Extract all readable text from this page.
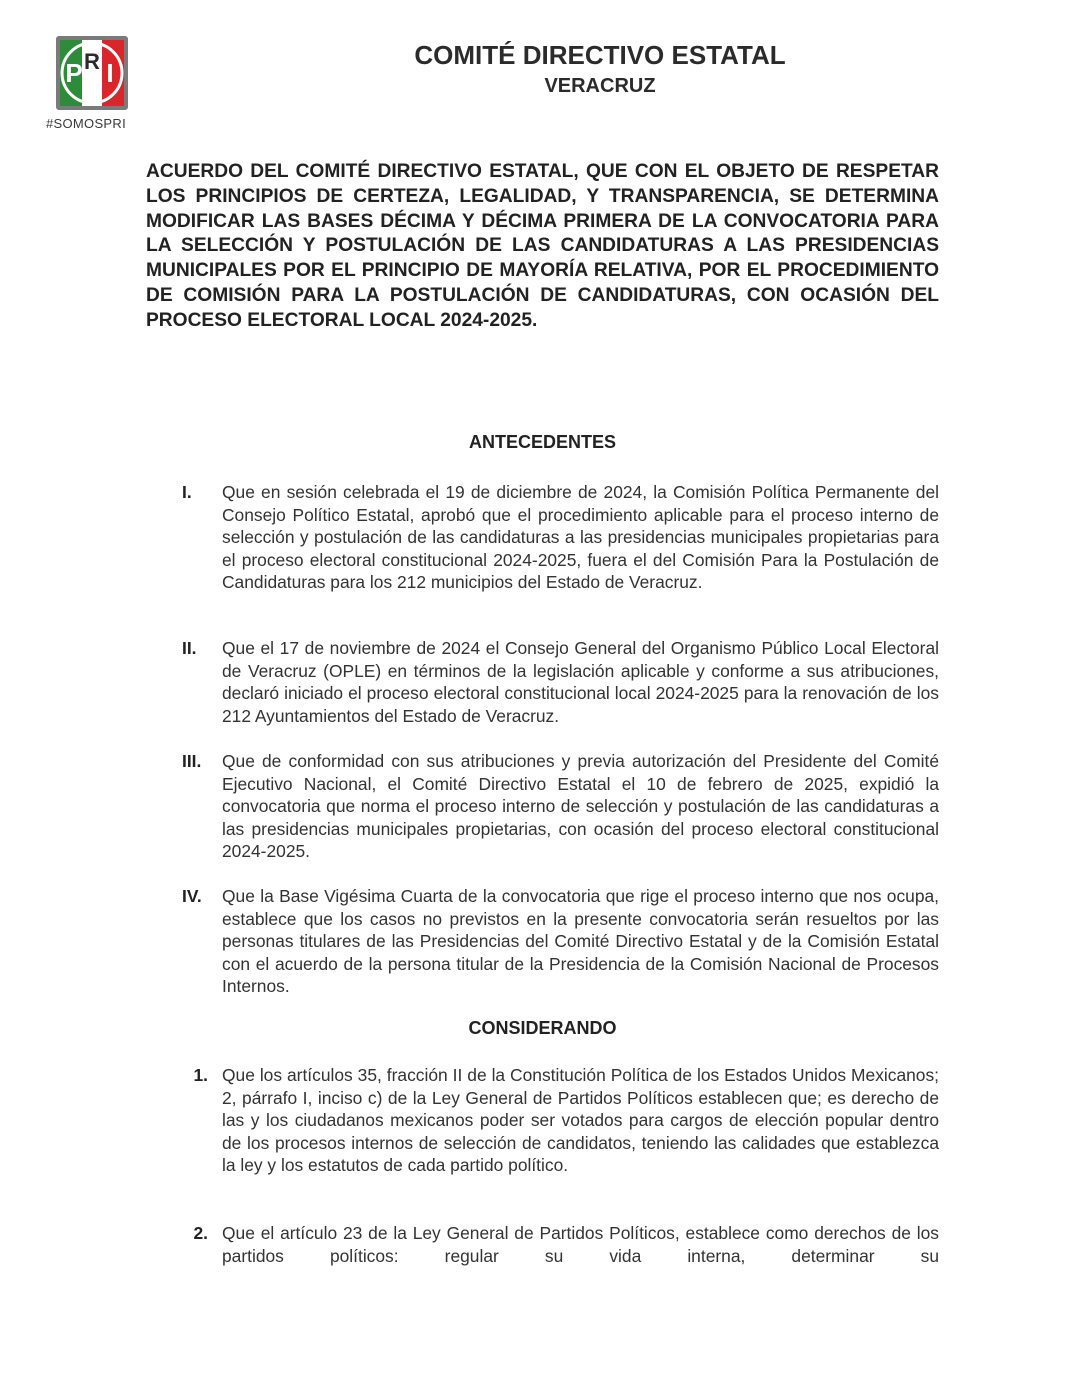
P R I
#SOMOSPRI
COMITÉ DIRECTIVO ESTATAL
VERACRUZ

ACUERDO DEL COMITÉ DIRECTIVO ESTATAL, QUE CON EL OBJETO DE RESPETAR LOS PRINCIPIOS DE CERTEZA, LEGALIDAD, Y TRANSPARENCIA, SE DETERMINA MODIFICAR LAS BASES DÉCIMA Y DÉCIMA PRIMERA DE LA CONVOCATORIA PARA LA SELECCIÓN Y POSTULACIÓN DE LAS CANDIDATURAS A LAS PRESIDENCIAS MUNICIPALES POR EL PRINCIPIO DE MAYORÍA RELATIVA, POR EL PROCEDIMIENTO DE COMISIÓN PARA LA POSTULACIÓN DE CANDIDATURAS, CON OCASIÓN DEL PROCESO ELECTORAL LOCAL 2024-2025.

ANTECEDENTES
I.	Que en sesión celebrada el 19 de diciembre de 2024, la Comisión Política Permanente del Consejo Político Estatal, aprobó que el procedimiento aplicable para el proceso interno de selección y postulación de las candidaturas a las presidencias municipales propietarias para el proceso electoral constitucional 2024-2025, fuera el del Comisión Para la Postulación de Candidaturas para los 212 municipios del Estado de Veracruz.

II.	Que el 17 de noviembre de 2024 el Consejo General del Organismo Público Local Electoral de Veracruz (OPLE) en términos de la legislación aplicable y conforme a sus atribuciones, declaró iniciado el proceso electoral constitucional local 2024-2025 para la renovación de los 212 Ayuntamientos del Estado de Veracruz.

III.	Que de conformidad con sus atribuciones y previa autorización del Presidente del Comité Ejecutivo Nacional, el Comité Directivo Estatal el 10 de febrero de 2025, expidió la convocatoria que norma el proceso interno de selección y postulación de las candidaturas a las presidencias municipales propietarias, con ocasión del proceso electoral constitucional 2024-2025.

IV.	Que la Base Vigésima Cuarta de la convocatoria que rige el proceso interno que nos ocupa, establece que los casos no previstos en la presente convocatoria serán resueltos por las personas titulares de las Presidencias del Comité Directivo Estatal y de la Comisión Estatal con el acuerdo de la persona titular de la Presidencia de la Comisión Nacional de Procesos Internos.

CONSIDERANDO
1. Que los artículos 35, fracción II de la Constitución Política de los Estados Unidos Mexicanos; 2, párrafo I, inciso c) de la Ley General de Partidos Políticos establecen que; es derecho de las y los ciudadanos mexicanos poder ser votados para cargos de elección popular dentro de los procesos internos de selección de candidatos, teniendo las calidades que establezca la ley y los estatutos de cada partido político.

2. Que el artículo 23 de la Ley General de Partidos Políticos, establece como derechos de los partidos políticos: regular su vida interna, determinar su
